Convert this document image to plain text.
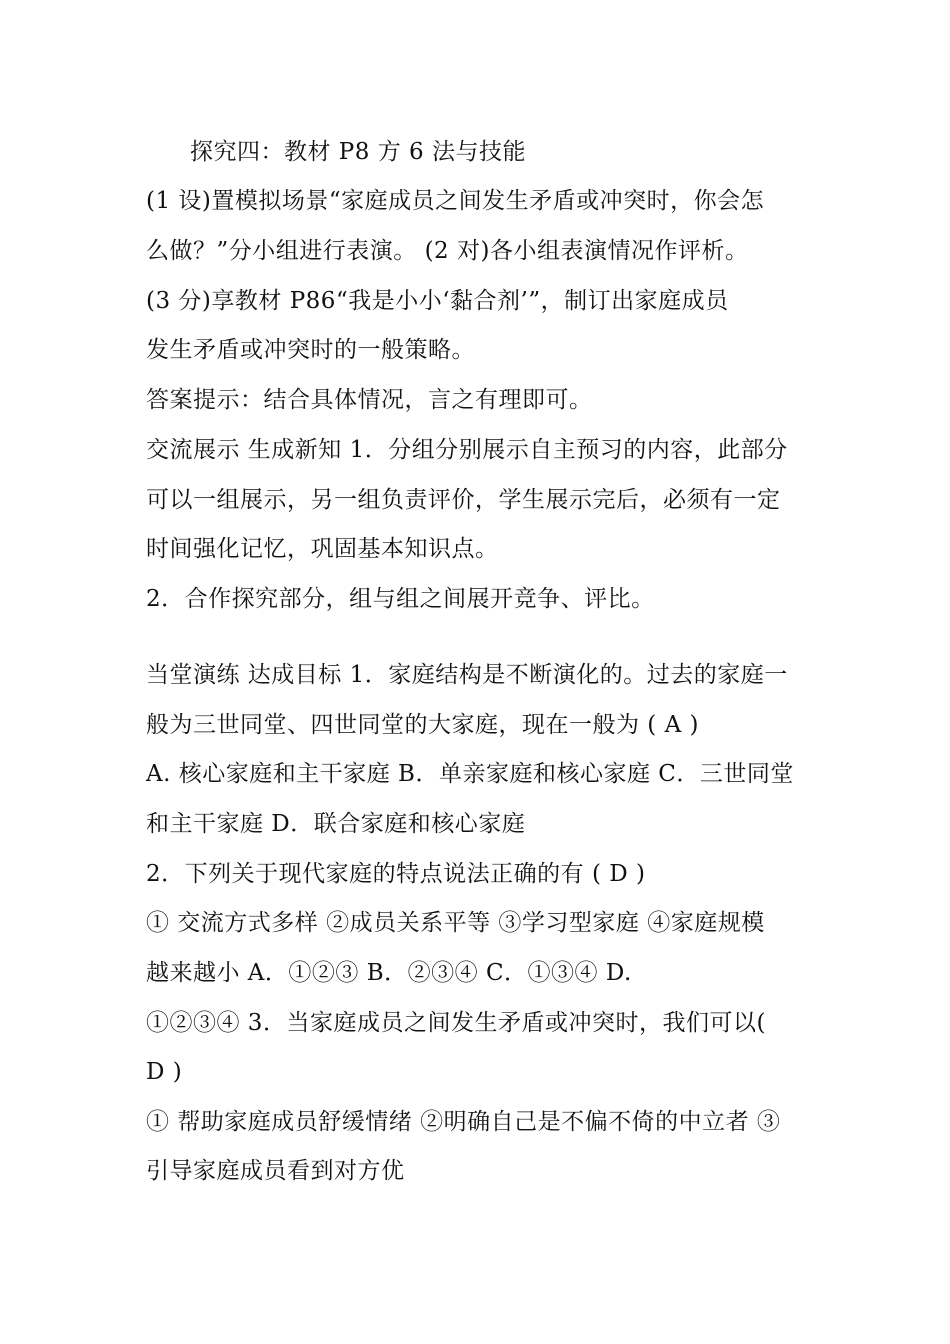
探究四：教材 P8 方 6 法与技能
(1 设)置模拟场景“家庭成员之间发生矛盾或冲突时，你会怎
么做？”分小组进行表演。 (2 对)各小组表演情况作评析。
(3 分)享教材 P86“我是小小‘黏合剂’”，制订出家庭成员
发生矛盾或冲突时的一般策略。
答案提示：结合具体情况，言之有理即可。
交流展示 生成新知 1．分组分别展示自主预习的内容，此部分
可以一组展示，另一组负责评价，学生展示完后，必须有一定
时间强化记忆，巩固基本知识点。
2．合作探究部分，组与组之间展开竞争、评比。
当堂演练 达成目标 1．家庭结构是不断演化的。过去的家庭一
般为三世同堂、四世同堂的大家庭，现在一般为 ( A )
A. 核心家庭和主干家庭 B．单亲家庭和核心家庭 C．三世同堂
和主干家庭 D．联合家庭和核心家庭
2．下列关于现代家庭的特点说法正确的有 ( D )
① 交流方式多样 ②成员关系平等 ③学习型家庭 ④家庭规模
越来越小 A．①②③ B．②③④ C．①③④ D.
①②③④ 3．当家庭成员之间发生矛盾或冲突时，我们可以(
D )
① 帮助家庭成员舒缓情绪 ②明确自己是不偏不倚的中立者 ③
引导家庭成员看到对方优
